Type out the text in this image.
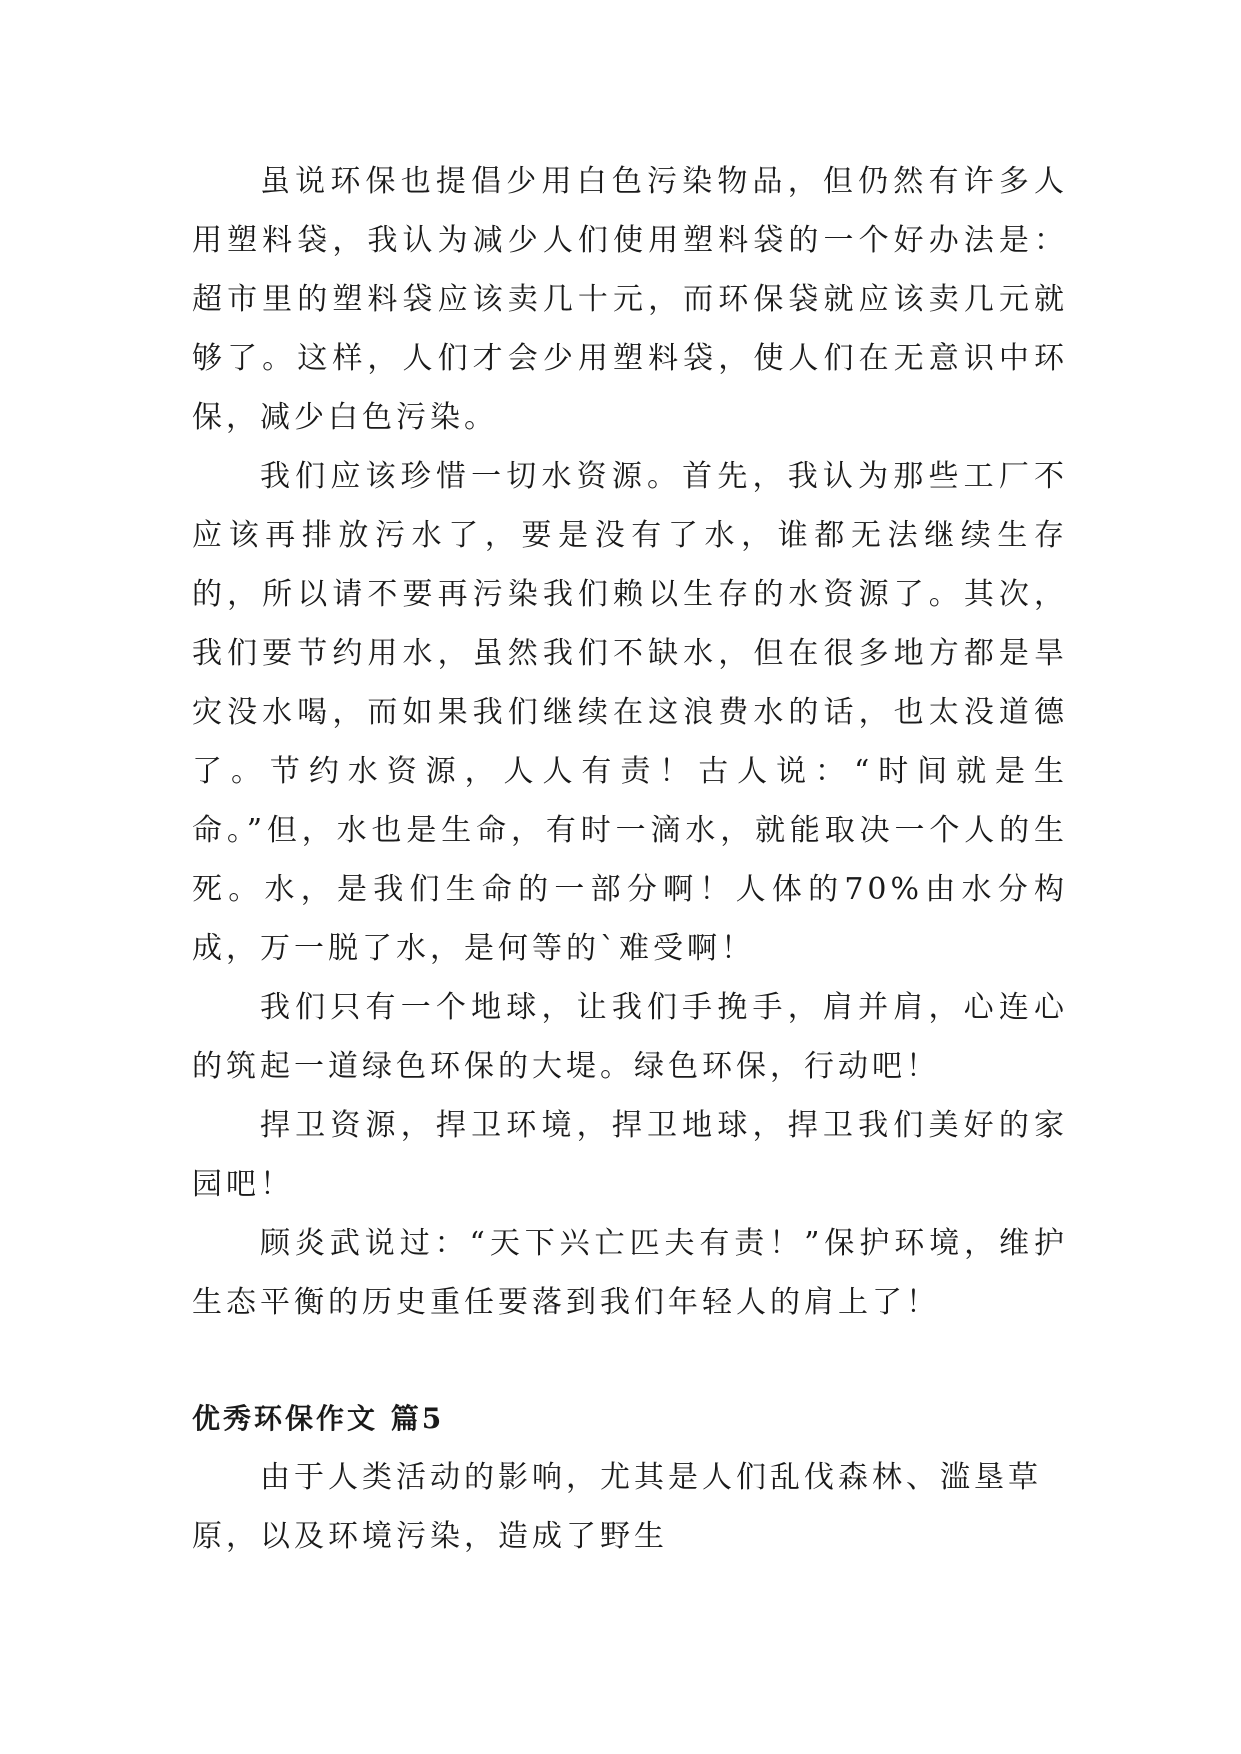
虽说环保也提倡少用白色污染物品，但仍然有许多人用塑料袋，我认为减少人们使用塑料袋的一个好办法是：超市里的塑料袋应该卖几十元，而环保袋就应该卖几元就够了。这样，人们才会少用塑料袋，使人们在无意识中环保，减少白色污染。

我们应该珍惜一切水资源。首先，我认为那些工厂不应该再排放污水了，要是没有了水，谁都无法继续生存的，所以请不要再污染我们赖以生存的水资源了。其次，我们要节约用水，虽然我们不缺水，但在很多地方都是旱灾没水喝，而如果我们继续在这浪费水的话，也太没道德了。节约水资源，人人有责！古人说：“时间就是生命。”但，水也是生命，有时一滴水，就能取决一个人的生死。水，是我们生命的一部分啊！人体的70%由水分构成，万一脱了水，是何等的`难受啊！

我们只有一个地球，让我们手挽手，肩并肩，心连心的筑起一道绿色环保的大堤。绿色环保，行动吧！

捍卫资源，捍卫环境，捍卫地球，捍卫我们美好的家园吧！

顾炎武说过：“天下兴亡匹夫有责！”保护环境，维护生态平衡的历史重任要落到我们年轻人的肩上了！

优秀环保作文 篇5

由于人类活动的影响，尤其是人们乱伐森林、滥垦草原，以及环境污染，造成了野生
